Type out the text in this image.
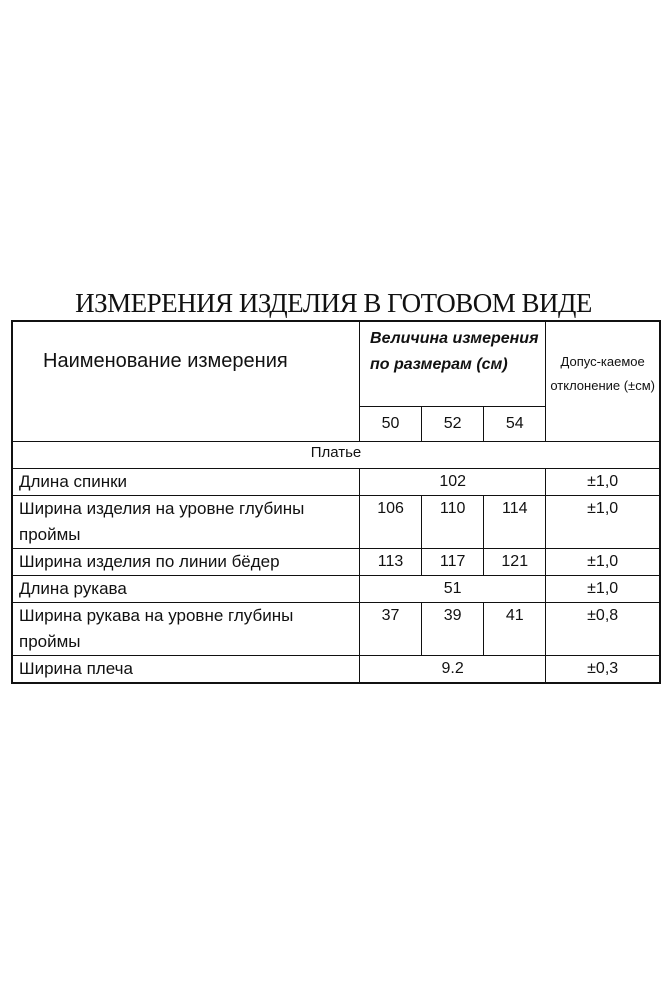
ИЗМЕРЕНИЯ ИЗДЕЛИЯ В ГОТОВОМ ВИДЕ
Наименование измерения	Величина измерения по размерам (см)			Допус-каемое отклонение (±см)
	50	52	54	
Платье				
Длина спинки	102			±1,0
Ширина изделия на уровне глубины проймы	106	110	114	±1,0
Ширина изделия по линии бёдер	113	117	121	±1,0
Длина рукава	51			±1,0
Ширина рукава на уровне глубины проймы	37	39	41	±0,8
Ширина плеча	9.2			±0,3
